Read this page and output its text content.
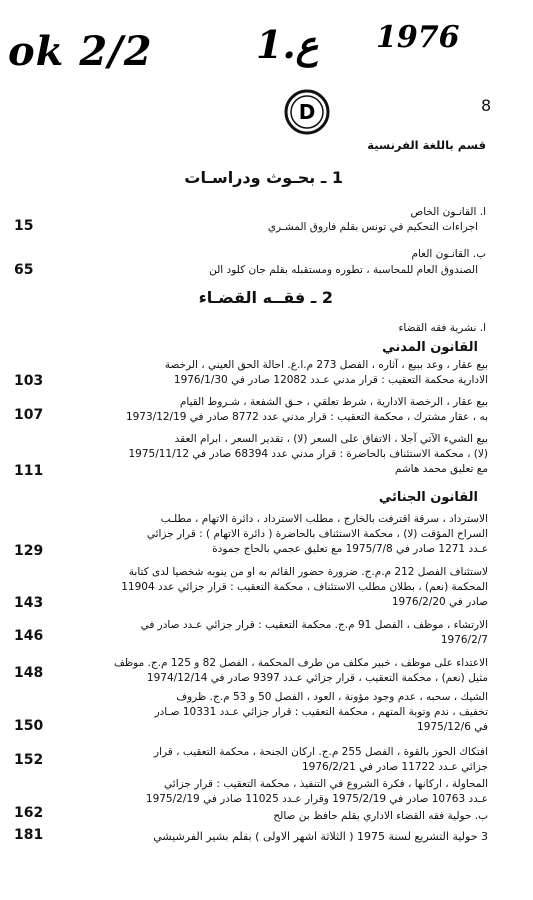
ok 2/2	1.ع 1976
D	8
قسم باللغة الفرنسية
1 ـ بحـوث ودراسـات
ا. القانـون الخاص
اجراءات التحكيم في تونس بقلم فاروق المشـري
15
ب. القانـون العام
الصندوق العام للمحاسبة ، تطوره ومستقبله بقلم جان كلود الن
65
2 ـ فقــه القضـاء
ا. نشرية فقه القضاء
القانون المدني
بيع عقار ، وعد ببيع ، آثاره ، الفصل 273 م.ا.ع. احالة الحق العيني ، الرخصة
الادارية محكمة التعقيب : قرار مدني عـدد 12082 صادر في 1976/1/30
103
بيع عقار ، الرخصة الادارية ، شرط تعلقي ، حـق الشفعة ، شـروط القيام
به ، عقار مشترك ، محكمة التعقيب : قرار مدني عدد 8772 صادر في 1973/12/19
107
بيع الشيء الآتي آجلا ، الاتفاق على السعر (لا) ، تقدير السعر ، ابرام العقد
(لا) ، محكمة الاستئناف بالحاضرة : قرار مدني عدد 68394 صادر في 1975/11/12
مع تعليق محمد هاشم
111
القانون الجنائي
الاسترداد ، سرقة اقترفت بالخارج ، مطلب الاسترداد ، دائرة الاتهام ، مطلـب
السراح المؤقت (لا) ، محكمة الاستئناف بالحاضرة ( دائرة الاتهام ) : قرار جزائي
عـدد 1271 صادر في 1975/7/8 مع تعليق عجمي بالحاج جمودة
129
لاستئناف الفصل 212 م.م.ج. ضرورة حضور القائم به او من ينوبه شخصيا لدى كتابة
المحكمة (نعم) ، بطلان مطلب الاستئناف ، محكمة التعقيب : قرار جزائي عدد 11904
صادر في 1976/2/20
143
الارتشاء ، موظف ، الفصل 91 م.ج. محكمة التعقيب : قرار جزائي عـدد صادر في
1976/2/7
146
الاعتداء على موظف ، خبير مكلف من طرف المحكمة ، الفصل 82 و 125 م.ج. موظف
مثيل (نعم) ، محكمة التعقيب ، قرار جزائي عـدد 9397 صادر في 1974/12/14
148
الشيك ، سحبه ، عدم وجود مؤونة ، العود ، الفصل 50 و 53 م.ج. ظروف
تخفيف ، ندم وتوبة المتهم ، محكمة التعقيب : قرار جزائي عـدد 10331 صـادر
في 1975/12/6
150
افتكاك الحوز بالقوة ، الفصل 255 م.ج. اركان الجنحة ، محكمة التعقيب ، قرار
جزائي عـدد 11722 صادر في 1976/2/21
152
المحاولة ، اركانها ، فكرة الشروع في التنفيذ ، محكمة التعقيب : قرار جزائي
عـدد 10763 صادر في 1975/2/19 وقرار عـدد 11025 صادر في 1975/2/19
ب. حولية فقه القضاء الاداري بقلم حافظ بن صالح
162
3 حولية التشريع لسنة 1975 ( الثلاثة اشهر الاولى ) بقلم بشير الفرشيشي
181
